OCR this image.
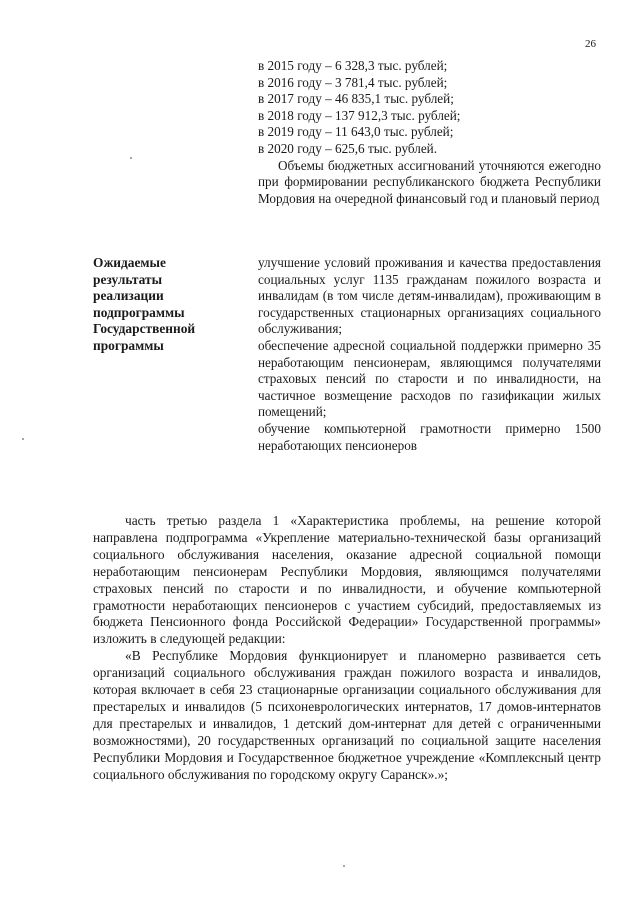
26
в 2015 году – 6 328,3 тыс. рублей;
в 2016 году – 3 781,4 тыс. рублей;
в 2017 году – 46 835,1 тыс. рублей;
в 2018 году – 137 912,3 тыс. рублей;
в 2019 году – 11 643,0 тыс. рублей;
в 2020 году – 625,6 тыс. рублей.
Объемы бюджетных ассигнований уточняются ежегодно при формировании республиканского бюджета Республики Мордовия на очередной финансовый год и плановый период
Ожидаемые
результаты
реализации
подпрограммы
Государственной
программы
улучшение условий проживания и качества предоставления социальных услуг 1135 гражданам пожилого возраста и инвалидам (в том числе детям-инвалидам), проживающим в государственных стационарных организациях социального обслуживания;
обеспечение адресной социальной поддержки примерно 35 неработающим пенсионерам, являющимся получателями страховых пенсий по старости и по инвалидности, на частичное возмещение расходов по газификации жилых помещений;
обучение компьютерной грамотности примерно 1500 неработающих пенсионеров

часть третью раздела 1 «Характеристика проблемы, на решение которой направлена подпрограмма «Укрепление материально-технической базы организаций социального обслуживания населения, оказание адресной социальной помощи неработающим пенсионерам Республики Мордовия, являющимся получателями страховых пенсий по старости и по инвалидности, и обучение компьютерной грамотности неработающих пенсионеров с участием субсидий, предоставляемых из бюджета Пенсионного фонда Российской Федерации» Государственной программы» изложить в следующей редакции:

«В Республике Мордовия функционирует и планомерно развивается сеть организаций социального обслуживания граждан пожилого возраста и инвалидов, которая включает в себя 23 стационарные организации социального обслуживания для престарелых и инвалидов (5 психоневрологических интернатов, 17 домов-интернатов для престарелых и инвалидов, 1 детский дом-интернат для детей с ограниченными возможностями), 20 государственных организаций по социальной защите населения Республики Мордовия и Государственное бюджетное учреждение «Комплексный центр социального обслуживания по городскому округу Саранск».»;
